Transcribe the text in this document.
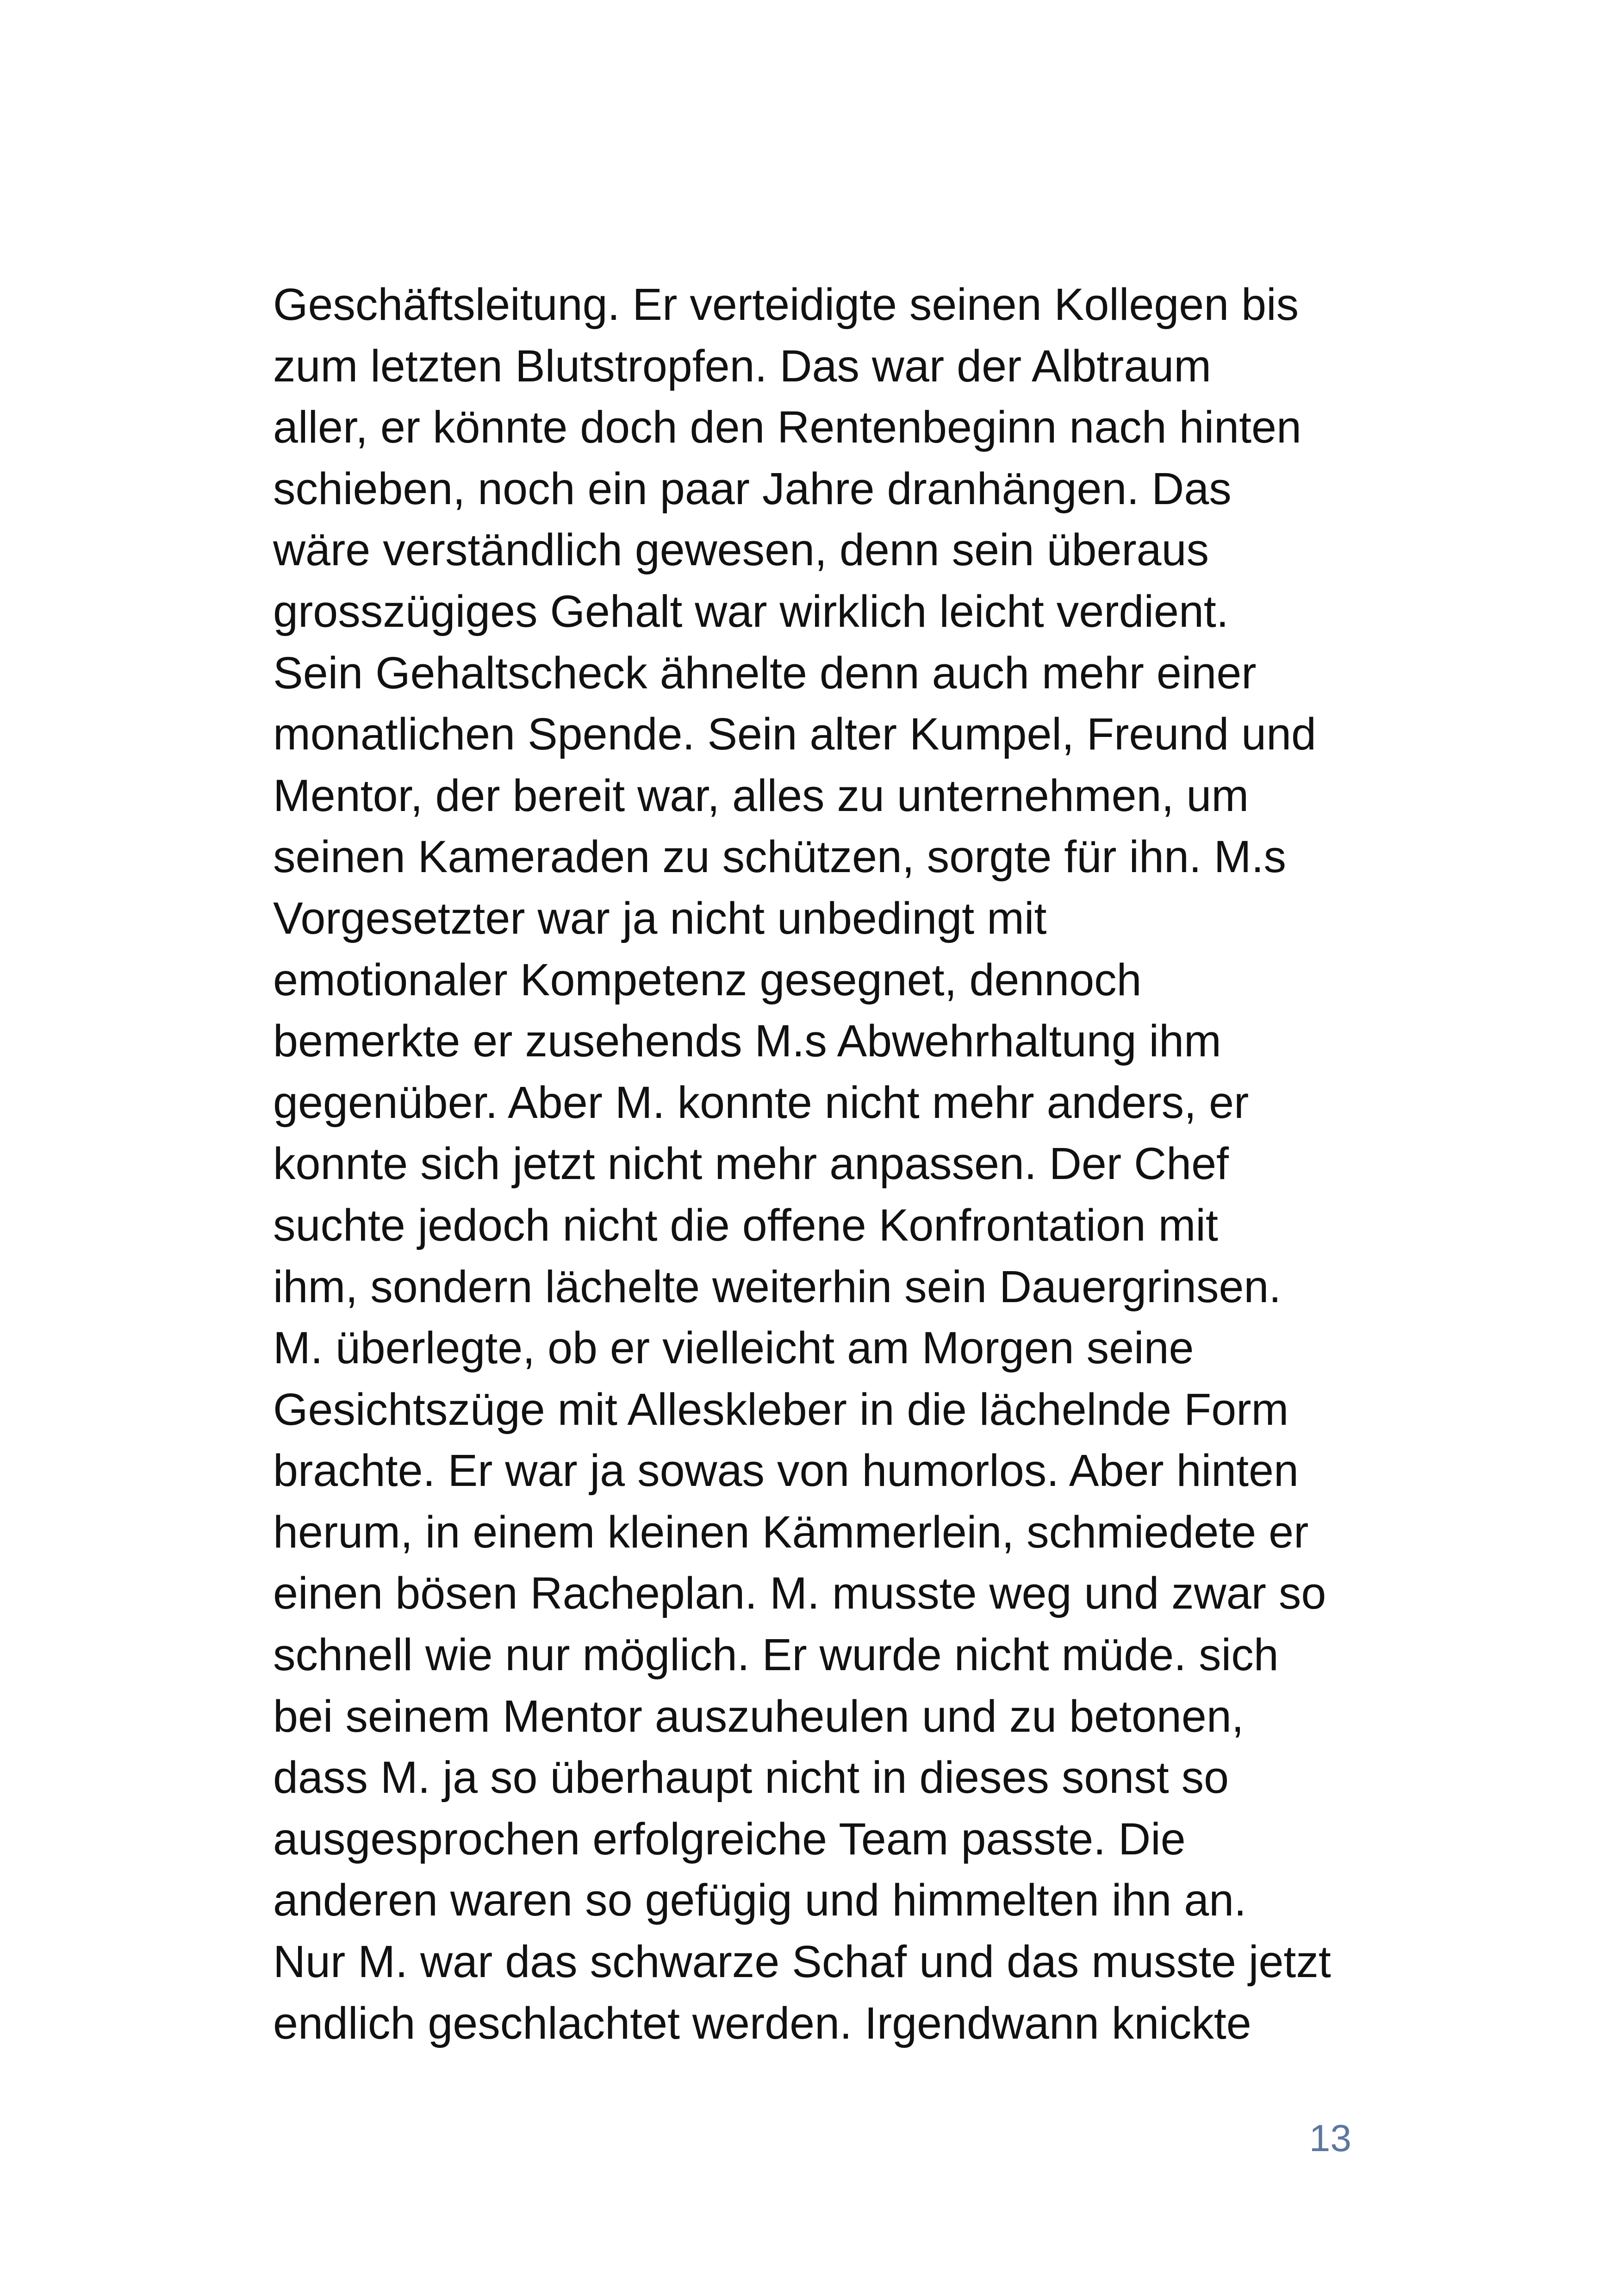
Geschäftsleitung. Er verteidigte seinen Kollegen bis
zum letzten Blutstropfen. Das war der Albtraum
aller, er könnte doch den Rentenbeginn nach hinten
schieben, noch ein paar Jahre dranhängen. Das
wäre verständlich gewesen, denn sein überaus
grosszügiges Gehalt war wirklich leicht verdient.
Sein Gehaltscheck ähnelte denn auch mehr einer
monatlichen Spende. Sein alter Kumpel, Freund und
Mentor, der bereit war, alles zu unternehmen, um
seinen Kameraden zu schützen, sorgte für ihn. M.s
Vorgesetzter war ja nicht unbedingt mit
emotionaler Kompetenz gesegnet, dennoch
bemerkte er zusehends M.s Abwehrhaltung ihm
gegenüber. Aber M. konnte nicht mehr anders, er
konnte sich jetzt nicht mehr anpassen. Der Chef
suchte jedoch nicht die offene Konfrontation mit
ihm, sondern lächelte weiterhin sein Dauergrinsen.
M. überlegte, ob er vielleicht am Morgen seine
Gesichtszüge mit Alleskleber in die lächelnde Form
brachte. Er war ja sowas von humorlos. Aber hinten
herum, in einem kleinen Kämmerlein, schmiedete er
einen bösen Racheplan. M. musste weg und zwar so
schnell wie nur möglich. Er wurde nicht müde. sich
bei seinem Mentor auszuheulen und zu betonen,
dass M. ja so überhaupt nicht in dieses sonst so
ausgesprochen erfolgreiche Team passte. Die
anderen waren so gefügig und himmelten ihn an.
Nur M. war das schwarze Schaf und das musste jetzt
endlich geschlachtet werden. Irgendwann knickte
13
